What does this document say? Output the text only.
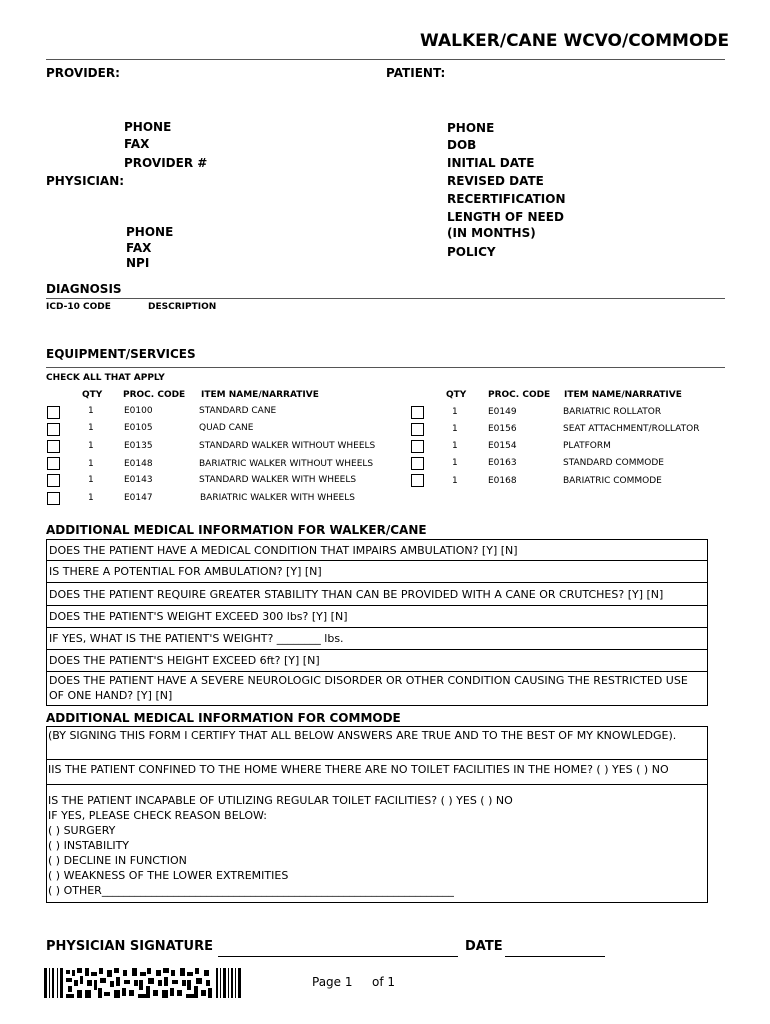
WALKER/CANE WCVO/COMMODE
PROVIDER:	PATIENT:
PHONE
FAX
PROVIDER #
PHYSICIAN:
PHONE
FAX
NPI
PHONE
DOB
INITIAL DATE
REVISED DATE
RECERTIFICATION
LENGTH OF NEED
(IN MONTHS)
POLICY
DIAGNOSIS
ICD-10 CODE	DESCRIPTION
EQUIPMENT/SERVICES
CHECK ALL THAT APPLY
QTY PROC. CODE ITEM NAME/NARRATIVE	QTY PROC. CODE ITEM NAME/NARRATIVE
1	E0100	STANDARD CANE
1	E0105	QUAD CANE
1	E0135	STANDARD WALKER WITHOUT WHEELS
1	E0148	BARIATRIC WALKER WITHOUT WHEELS
1	E0143	STANDARD WALKER WITH WHEELS
1	E0147	BARIATRIC WALKER WITH WHEELS
1	E0149	BARIATRIC ROLLATOR
1	E0156	SEAT ATTACHMENT/ROLLATOR
1	E0154	PLATFORM
1	E0163	STANDARD COMMODE
1	E0168	BARIATRIC COMMODE
ADDITIONAL MEDICAL INFORMATION FOR WALKER/CANE
DOES THE PATIENT HAVE A MEDICAL CONDITION THAT IMPAIRS AMBULATION? [Y] [N]
IS THERE A POTENTIAL FOR AMBULATION? [Y] [N]
DOES THE PATIENT REQUIRE GREATER STABILITY THAN CAN BE PROVIDED WITH A CANE OR CRUTCHES? [Y] [N]
DOES THE PATIENT'S WEIGHT EXCEED 300 lbs? [Y] [N]
IF YES, WHAT IS THE PATIENT'S WEIGHT? ________ lbs.
DOES THE PATIENT'S HEIGHT EXCEED 6ft? [Y] [N]
DOES THE PATIENT HAVE A SEVERE NEUROLOGIC DISORDER OR OTHER CONDITION CAUSING THE RESTRICTED USE OF ONE HAND? [Y] [N]
ADDITIONAL MEDICAL INFORMATION FOR COMMODE
(BY SIGNING THIS FORM I CERTIFY THAT ALL BELOW ANSWERS ARE TRUE AND TO THE BEST OF MY KNOWLEDGE).
IIS THE PATIENT CONFINED TO THE HOME WHERE THERE ARE NO TOILET FACILITIES IN THE HOME? ( ) YES ( ) NO
IS THE PATIENT INCAPABLE OF UTILIZING REGULAR TOILET FACILITIES? ( ) YES ( ) NO
IF YES, PLEASE CHECK REASON BELOW:
( ) SURGERY
( ) INSTABILITY
( ) DECLINE IN FUNCTION
( ) WEAKNESS OF THE LOWER EXTREMITIES
( ) OTHER________________________________________________________________
PHYSICIAN SIGNATURE	DATE
Page 1 of 1
